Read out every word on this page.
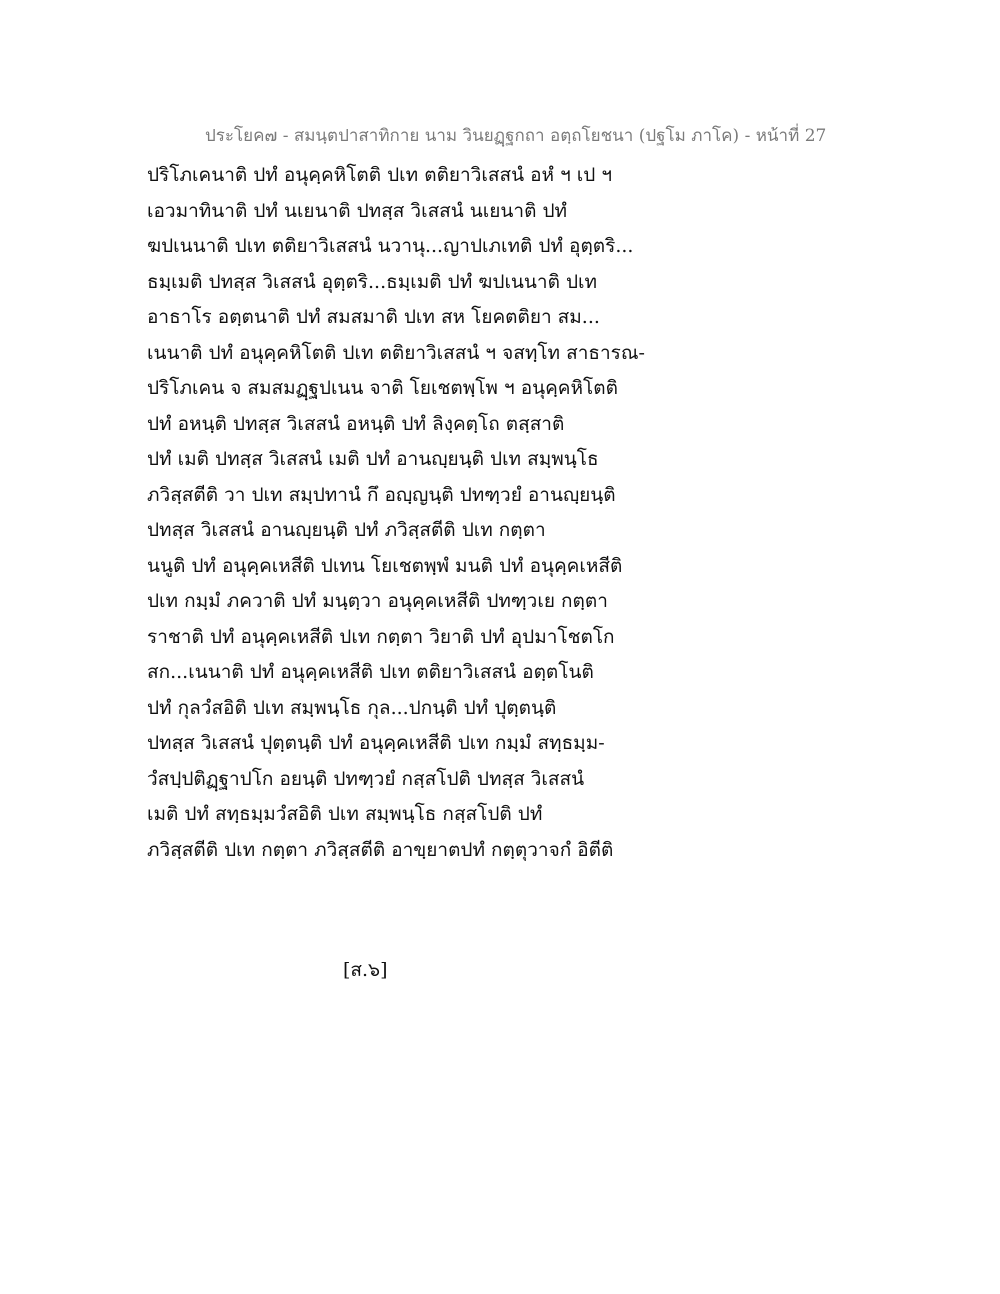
ประโยค๗ - สมนฺตปาสาทิกาย นาม วินยฏฺฐกถา อตฺถโยชนา (ปฐโม ภาโค) - หน้าที่ 27
ปริโภเคนาติ ปทํ อนุคฺคหิโตติ ปเท ตติยาวิเสสนํ อหํ ฯ เป ฯ
เอวมาทินาติ ปทํ นเยนาติ ปทสฺส วิเสสนํ นเยนาติ ปทํ
ฆปเนนาติ ปเท ตติยาวิเสสนํ นวานุ...ญาปเภเทติ ปทํ อุตฺตริ...
ธมฺเมติ ปทสฺส วิเสสนํ อุตฺตริ...ธมฺเมติ ปทํ ฆปเนนาติ ปเท
อาธาโร อตฺตนาติ ปทํ สมสมาติ ปเท สห โยคตติยา สม...
เนนาติ ปทํ อนุคฺคหิโตติ ปเท ตติยาวิเสสนํ ฯ จสทฺโท สาธารณ-
ปริโภเคน จ สมสมฏฺฐปเนน จาติ โยเชตพฺโพ ฯ อนุคฺคหิโตติ
ปทํ อหนฺติ ปทสฺส วิเสสนํ อหนฺติ ปทํ ลิงฺคตฺโถ ตสฺสาติ
ปทํ เมติ ปทสฺส วิเสสนํ เมติ ปทํ อานญฺยนฺติ ปเท สมฺพนฺโธ
ภวิสฺสตีติ วา ปเท สมฺปทานํ กึ อญฺญนฺติ ปทฑฺวยํ อานญฺยนฺติ
ปทสฺส วิเสสนํ อานญฺยนฺติ ปทํ ภวิสฺสตีติ ปเท กตฺตา
นนูติ ปทํ อนุคฺคเหสีติ ปเทน โยเชตพฺพํ มนติ ปทํ อนุคฺคเหสีติ
ปเท กมฺมํ ภควาติ ปทํ มนฺตฺวา อนุคฺคเหสีติ ปทฑฺวเย กตฺตา
ราชาติ ปทํ อนุคฺคเหสีติ ปเท กตฺตา วิยาติ ปทํ อุปมาโชตโก
สก...เนนาติ ปทํ อนุคฺคเหสีติ ปเท ตติยาวิเสสนํ อตฺตโนติ
ปทํ กุลวํสอิติ ปเท สมฺพนฺโธ กุล...ปกนฺติ ปทํ ปุตฺตนฺติ
ปทสฺส วิเสสนํ ปุตฺตนฺติ ปทํ อนุคฺคเหสีติ ปเท กมฺมํ สทฺธมฺม-
วํสปฺปติฏฺฐาปโก อยนฺติ ปทฑฺวยํ กสฺสโปติ ปทสฺส วิเสสนํ
เมติ ปทํ สทฺธมฺมวํสอิติ ปเท สมฺพนฺโธ กสฺสโปติ ปทํ
ภวิสฺสตีติ ปเท กตฺตา ภวิสฺสตีติ อาขฺยาตปทํ กตฺตุวาจกํ อิตีติ
[ส.๖]
